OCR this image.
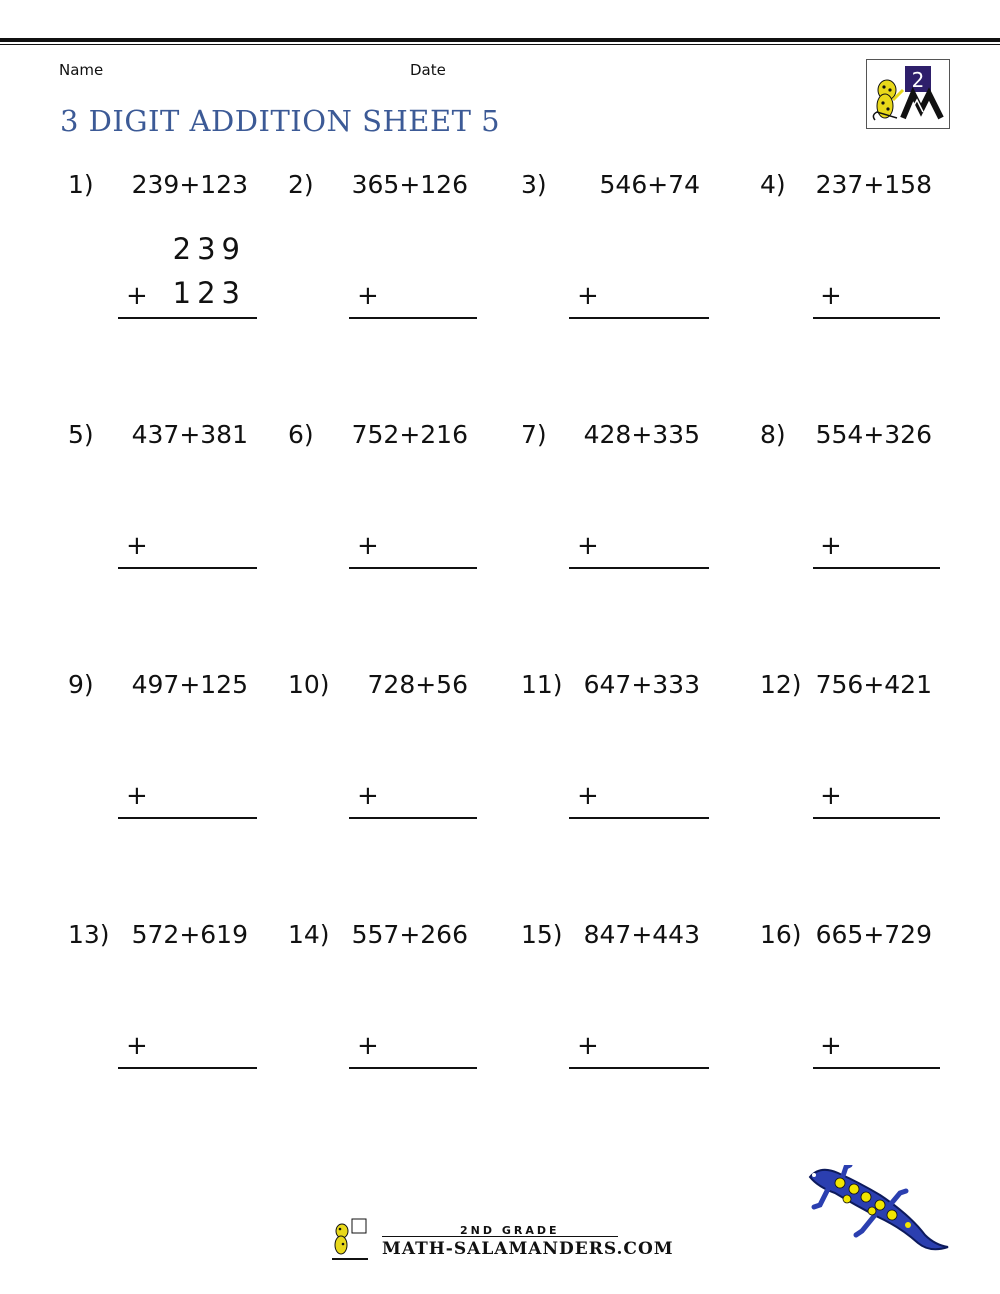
Name	Date
3 DIGIT ADDITION SHEET 5
2
1) 239+123
239
123
+
2) 365+126
+
3)	546+74
+
4) 237+158
+
5) 437+381
+
6) 752+216
+
7) 428+335
+
8) 554+326
+
9) 497+125
+
10)	728+56
+
11) 647+333
+
12) 756+421
+
13) 572+619
+
14) 557+266
+
15) 847+443
+
16) 665+729
+
2ND GRADE
MATH-SALAMANDERS.COM
